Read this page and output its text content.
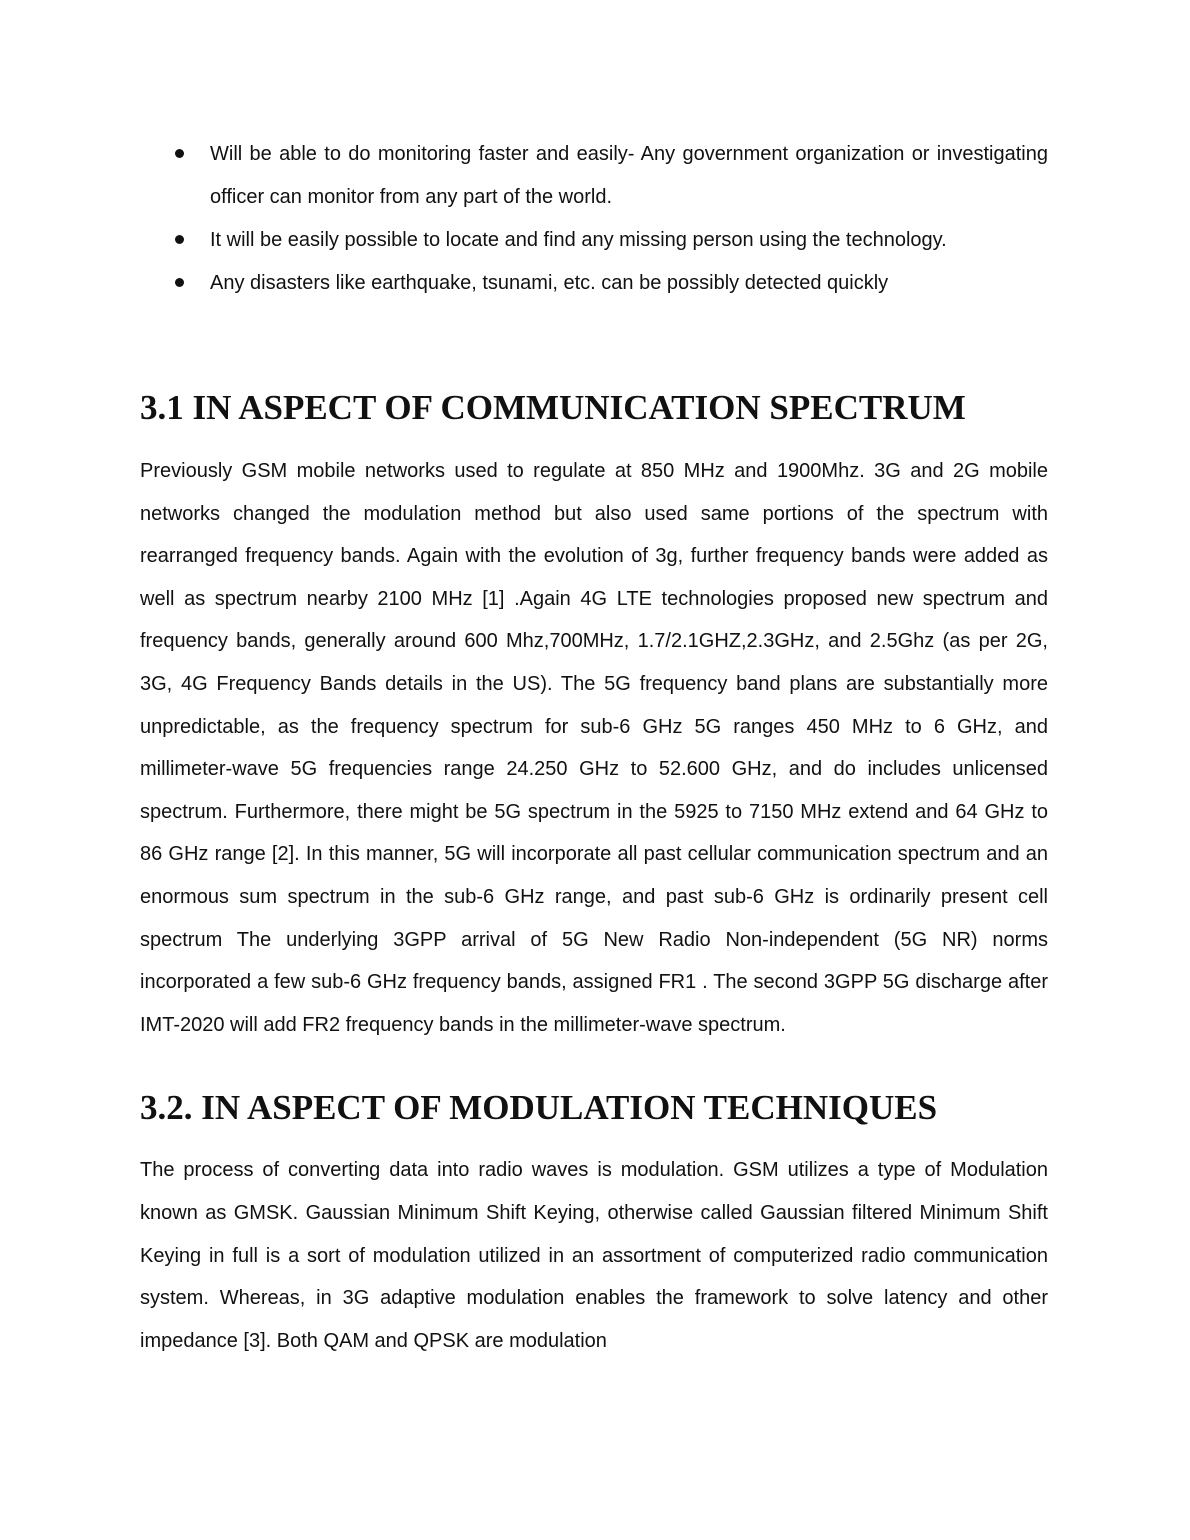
Will be able to do monitoring faster and easily- Any government organization or investigating officer can monitor from any part of the world.
It will be easily possible to locate and find any missing person using the technology.
Any disasters like earthquake, tsunami, etc. can be possibly detected quickly
3.1 IN ASPECT OF COMMUNICATION SPECTRUM

Previously GSM mobile networks used to regulate at 850 MHz and 1900Mhz. 3G and 2G mobile networks changed the modulation method but also used same portions of the spectrum with rearranged frequency bands. Again with the evolution of 3g, further frequency bands were added as well as spectrum nearby 2100 MHz [1] .Again 4G LTE technologies proposed new spectrum and frequency bands, generally around 600 Mhz,700MHz, 1.7/2.1GHZ,2.3GHz, and 2.5Ghz (as per 2G, 3G, 4G Frequency Bands details in the US). The 5G frequency band plans are substantially more unpredictable, as the frequency spectrum for sub-6 GHz 5G ranges 450 MHz to 6 GHz, and millimeter-wave 5G frequencies range 24.250 GHz to 52.600 GHz, and do includes unlicensed spectrum. Furthermore, there might be 5G spectrum in the 5925 to 7150 MHz extend and 64 GHz to 86 GHz range [2]. In this manner, 5G will incorporate all past cellular communication spectrum and an enormous sum spectrum in the sub-6 GHz range, and past sub-6 GHz is ordinarily present cell spectrum The underlying 3GPP arrival of 5G New Radio Non-independent (5G NR) norms incorporated a few sub-6 GHz frequency bands, assigned FR1 . The second 3GPP 5G discharge after IMT-2020 will add FR2 frequency bands in the millimeter-wave spectrum.

3.2. IN ASPECT OF MODULATION TECHNIQUES

The process of converting data into radio waves is modulation. GSM utilizes a type of Modulation known as GMSK. Gaussian Minimum Shift Keying, otherwise called Gaussian filtered Minimum Shift Keying in full is a sort of modulation utilized in an assortment of computerized radio communication system. Whereas, in 3G adaptive modulation enables the framework to solve latency and other impedance [3]. Both QAM and QPSK are modulation
